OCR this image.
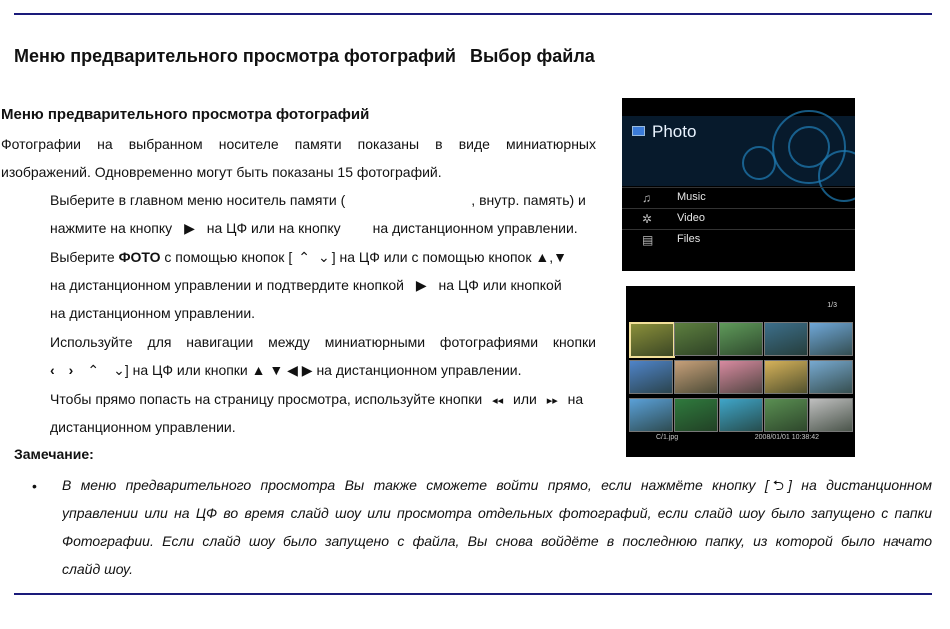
Меню предварительного просмотра фотографий Выбор файла
Меню предварительного просмотра фотографий
Фотографии на выбранном носителе памяти показаны в виде миниатюрных
изображений. Одновременно могут быть показаны 15 фотографий.
Выберите в главном меню носитель памяти (	, внутр. память) и
нажмите на кнопку ▶ на ЦФ или на кнопку на дистанционном управлении.
Выберите ФОТО с помощью кнопок [ ⌃ ⌄ ] на ЦФ или с помощью кнопок ▲,▼
на дистанционном управлении и подтвердите кнопкой ▶ на ЦФ или кнопкой
на дистанционном управлении.
Используйте для навигации между миниатюрными фотографиями кнопки
‹ › ⌃ ⌄] на ЦФ или кнопки ▲ ▼ ◀ ▶ на дистанционном управлении.
Чтобы прямо попасть на страницу просмотра, используйте кнопки ◂◂ или ▸▸ на
дистанционном управлении.
Замечание:
• В меню предварительного просмотра Вы также сможете войти прямо, если нажмёте кнопку [ ⮌ ] на дистанционном
управлении или на ЦФ во время слайд шоу или просмотра отдельных фотографий, если слайд шоу было запущено с папки
Фотографии. Если слайд шоу было запущено с файла, Вы снова войдёте в последнюю папку, из которой было начато
слайд шоу.
Photo
♫ Music
✲ Video
▤ Files
1/3
C/1.jpg	2008/01/01 10:38:42
